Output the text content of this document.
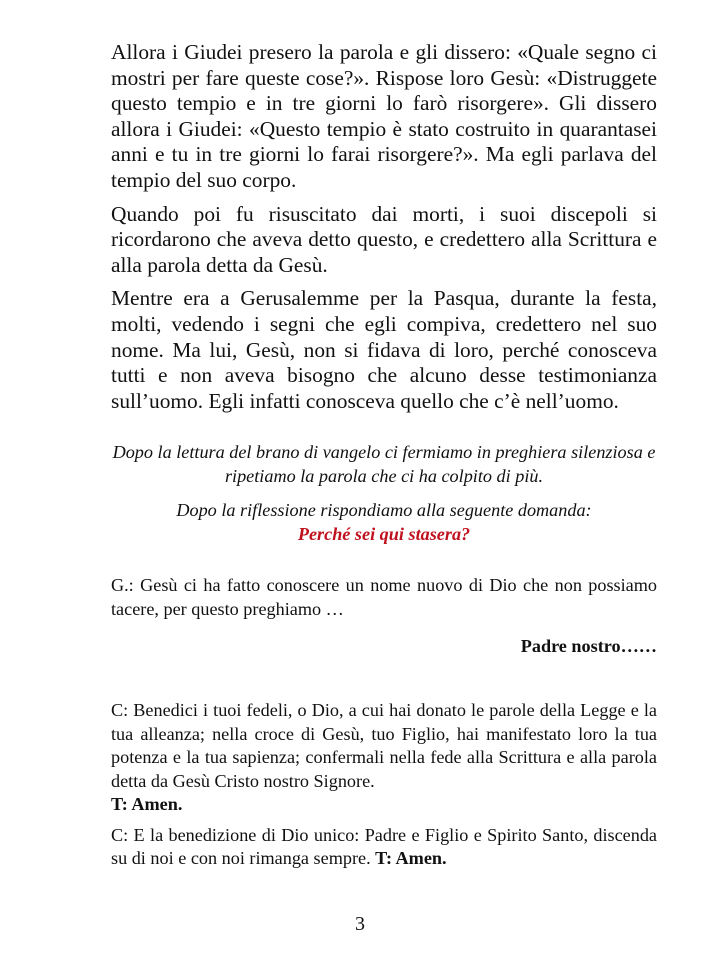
Allora i Giudei presero la parola e gli dissero: «Quale segno ci mostri per fare queste cose?». Rispose loro Gesù: «Distruggete questo tempio e in tre giorni lo farò risorgere». Gli dissero allora i Giudei: «Questo tempio è stato costruito in quarantasei anni e tu in tre giorni lo farai risorgere?». Ma egli parlava del tempio del suo corpo.

Quando poi fu risuscitato dai morti, i suoi discepoli si ricordarono che aveva detto questo, e credettero alla Scrittura e alla parola detta da Gesù.

Mentre era a Gerusalemme per la Pasqua, durante la festa, molti, vedendo i segni che egli compiva, credettero nel suo nome. Ma lui, Gesù, non si fidava di loro, perché conosceva tutti e non aveva bisogno che alcuno desse testimonianza sull’uomo. Egli infatti conosceva quello che c’è nell’uomo.

Dopo la lettura del brano di vangelo ci fermiamo in preghiera silenziosa e ripetiamo la parola che ci ha colpito di più.

Dopo la riflessione rispondiamo alla seguente domanda:
Perché sei qui stasera?

G.: Gesù ci ha fatto conoscere un nome nuovo di Dio che non possiamo tacere, per questo preghiamo …

Padre nostro……

C: Benedici i tuoi fedeli, o Dio, a cui hai donato le parole della Legge e la tua alleanza; nella croce di Gesù, tuo Figlio, hai manifestato loro la tua potenza e la tua sapienza; confermali nella fede alla Scrittura e alla parola detta da Gesù Cristo nostro Signore.
T: Amen.

C: E la benedizione di Dio unico: Padre e Figlio e Spirito Santo, discenda su di noi e con noi rimanga sempre. T: Amen.

3
